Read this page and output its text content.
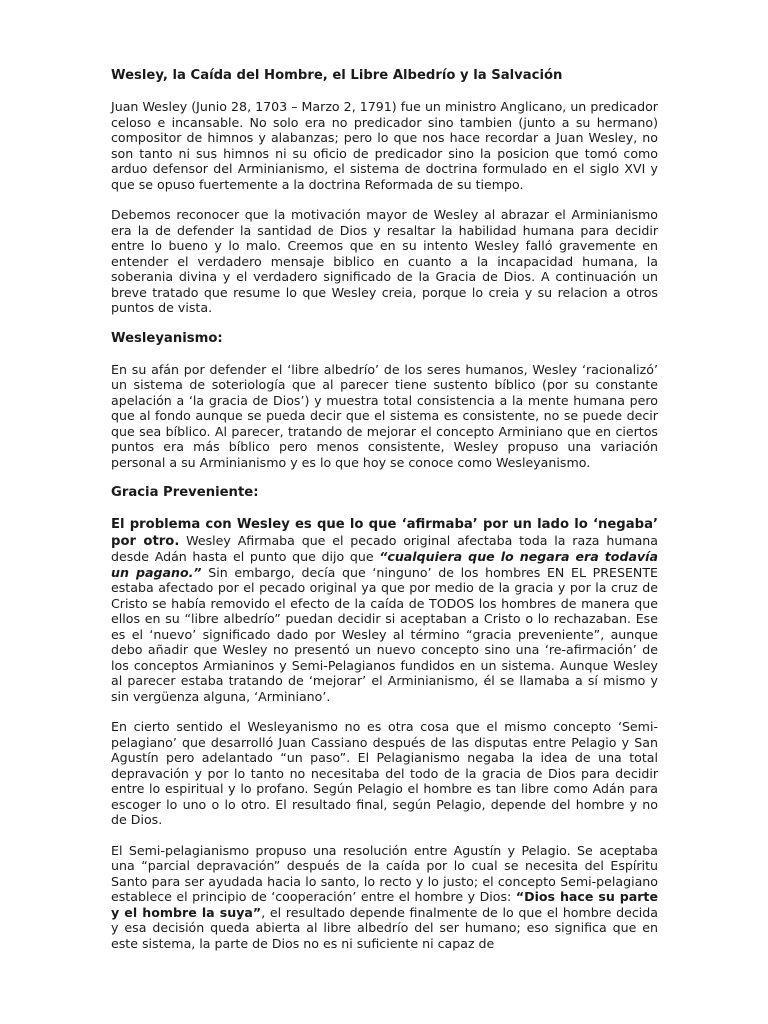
Wesley, la Caída del Hombre, el Libre Albedrío y la Salvación

Juan Wesley (Junio 28, 1703 – Marzo 2, 1791) fue un ministro Anglicano, un predicador celoso e incansable. No solo era no predicador sino tambien (junto a su hermano) compositor de himnos y alabanzas; pero lo que nos hace recordar a Juan Wesley, no son tanto ni sus himnos ni su oficio de predicador sino la posicion que tomó como arduo defensor del Arminianismo, el sistema de doctrina formulado en el siglo XVI y que se opuso fuertemente a la doctrina Reformada de su tiempo.

Debemos reconocer que la motivación mayor de Wesley al abrazar el Arminianismo era la de defender la santidad de Dios y resaltar la habilidad humana para decidir entre lo bueno y lo malo. Creemos que en su intento Wesley falló gravemente en entender el verdadero mensaje biblico en cuanto a la incapacidad humana, la soberania divina y el verdadero significado de la Gracia de Dios. A continuación un breve tratado que resume lo que Wesley creia, porque lo creia y su relacion a otros puntos de vista.

Wesleyanismo:

En su afán por defender el ‘libre albedrío’ de los seres humanos, Wesley ‘racionalizó’ un sistema de soteriología que al parecer tiene sustento bíblico (por su constante apelación a ‘la gracia de Dios’) y muestra total consistencia a la mente humana pero que al fondo aunque se pueda decir que el sistema es consistente, no se puede decir que sea bíblico. Al parecer, tratando de mejorar el concepto Arminiano que en ciertos puntos era más bíblico pero menos consistente, Wesley propuso una variación personal a su Arminianismo y es lo que hoy se conoce como Wesleyanismo.

Gracia Preveniente:

El problema con Wesley es que lo que ‘afirmaba’ por un lado lo ‘negaba’ por otro. Wesley Afirmaba que el pecado original afectaba toda la raza humana desde Adán hasta el punto que dijo que “cualquiera que lo negara era todavía un pagano.” Sin embargo, decía que ‘ninguno’ de los hombres EN EL PRESENTE estaba afectado por el pecado original ya que por medio de la gracia y por la cruz de Cristo se había removido el efecto de la caída de TODOS los hombres de manera que ellos en su “libre albedrío” puedan decidir si aceptaban a Cristo o lo rechazaban. Ese es el ‘nuevo’ significado dado por Wesley al término “gracia preveniente”, aunque debo añadir que Wesley no presentó un nuevo concepto sino una ‘re-afirmación’ de los conceptos Armianinos y Semi-Pelagianos fundidos en un sistema. Aunque Wesley al parecer estaba tratando de ‘mejorar’ el Arminianismo, él se llamaba a sí mismo y sin vergüenza alguna, ‘Arminiano’.

En cierto sentido el Wesleyanismo no es otra cosa que el mismo concepto ‘Semi-pelagiano’ que desarrolló Juan Cassiano después de las disputas entre Pelagio y San Agustín pero adelantado “un paso”. El Pelagianismo negaba la idea de una total depravación y por lo tanto no necesitaba del todo de la gracia de Dios para decidir entre lo espiritual y lo profano. Según Pelagio el hombre es tan libre como Adán para escoger lo uno o lo otro. El resultado final, según Pelagio, depende del hombre y no de Dios.

El Semi-pelagianismo propuso una resolución entre Agustín y Pelagio. Se aceptaba una “parcial depravación” después de la caída por lo cual se necesita del Espíritu Santo para ser ayudada hacia lo santo, lo recto y lo justo; el concepto Semi-pelagiano establece el principio de ‘cooperación’ entre el hombre y Dios: “Dios hace su parte y el hombre la suya”, el resultado depende finalmente de lo que el hombre decida y esa decisión queda abierta al libre albedrío del ser humano; eso significa que en este sistema, la parte de Dios no es ni suficiente ni capaz de
